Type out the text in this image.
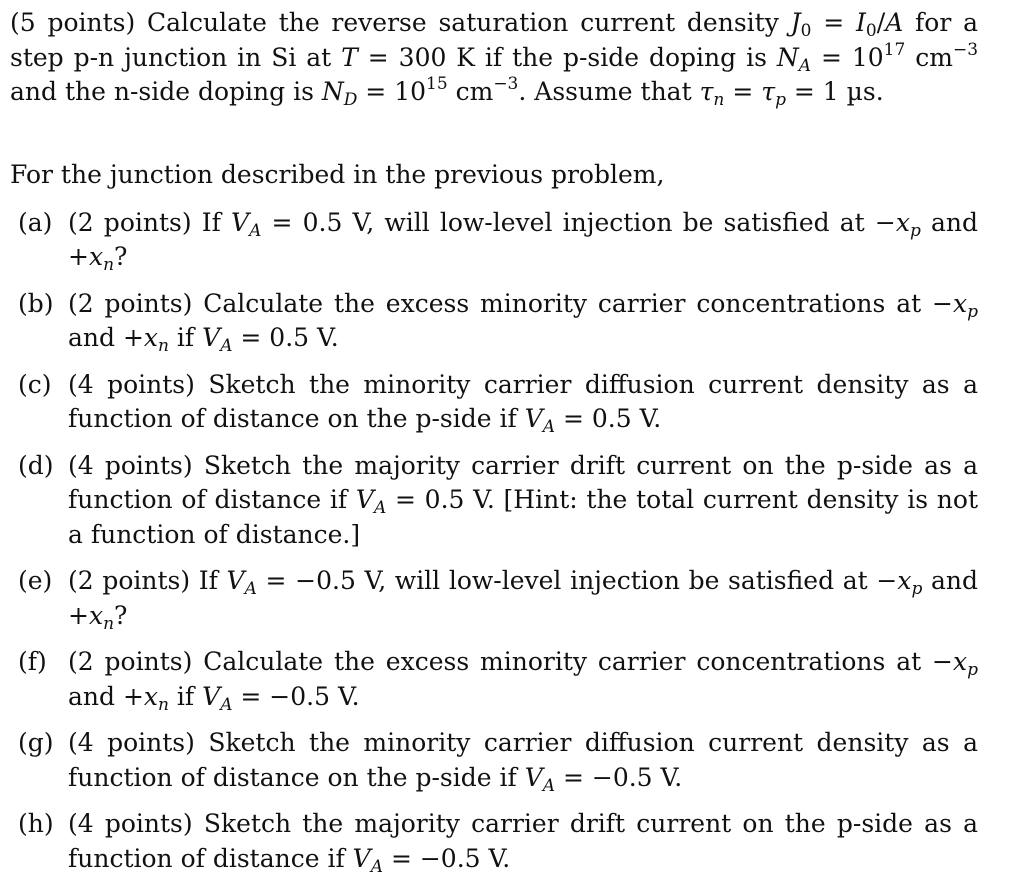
(5 points) Calculate the reverse saturation current density $J_0 = I_0/A$ for a step p-n junction in Si at T = 300 K if the p-side doping is $N_A = 10^{17}$ $cm^{-3}$ and the n-side doping is $N_D = 10^{15}$ $cm^{-3}$. Assume that $\tau_n = \tau_p = 1$ µs.

For the junction described in the previous problem,

(a) (2 points) If $V_A = 0.5$ V, will low-level injection be satisfied at $-x_p$ and $+x_n$?
(b) (2 points) Calculate the excess minority carrier concentrations at $-x_p$ and $+x_n$ if $V_A = 0.5$ V.
(c) (4 points) Sketch the minority carrier diffusion current density as a function of distance on the p-side if $V_A = 0.5$ V.
(d) (4 points) Sketch the majority carrier drift current on the p-side as a function of distance if $V_A = 0.5$ V. [Hint: the total current density is not a function of distance.]
(e) (2 points) If $V_A = -0.5$ V, will low-level injection be satisfied at $-x_p$ and $+x_n$?
(f) (2 points) Calculate the excess minority carrier concentrations at $-x_p$ and $+x_n$ if $V_A = -0.5$ V.
(g) (4 points) Sketch the minority carrier diffusion current density as a function of distance on the p-side if $V_A = -0.5$ V.
(h) (4 points) Sketch the majority carrier drift current on the p-side as a function of distance if $V_A = -0.5$ V.
